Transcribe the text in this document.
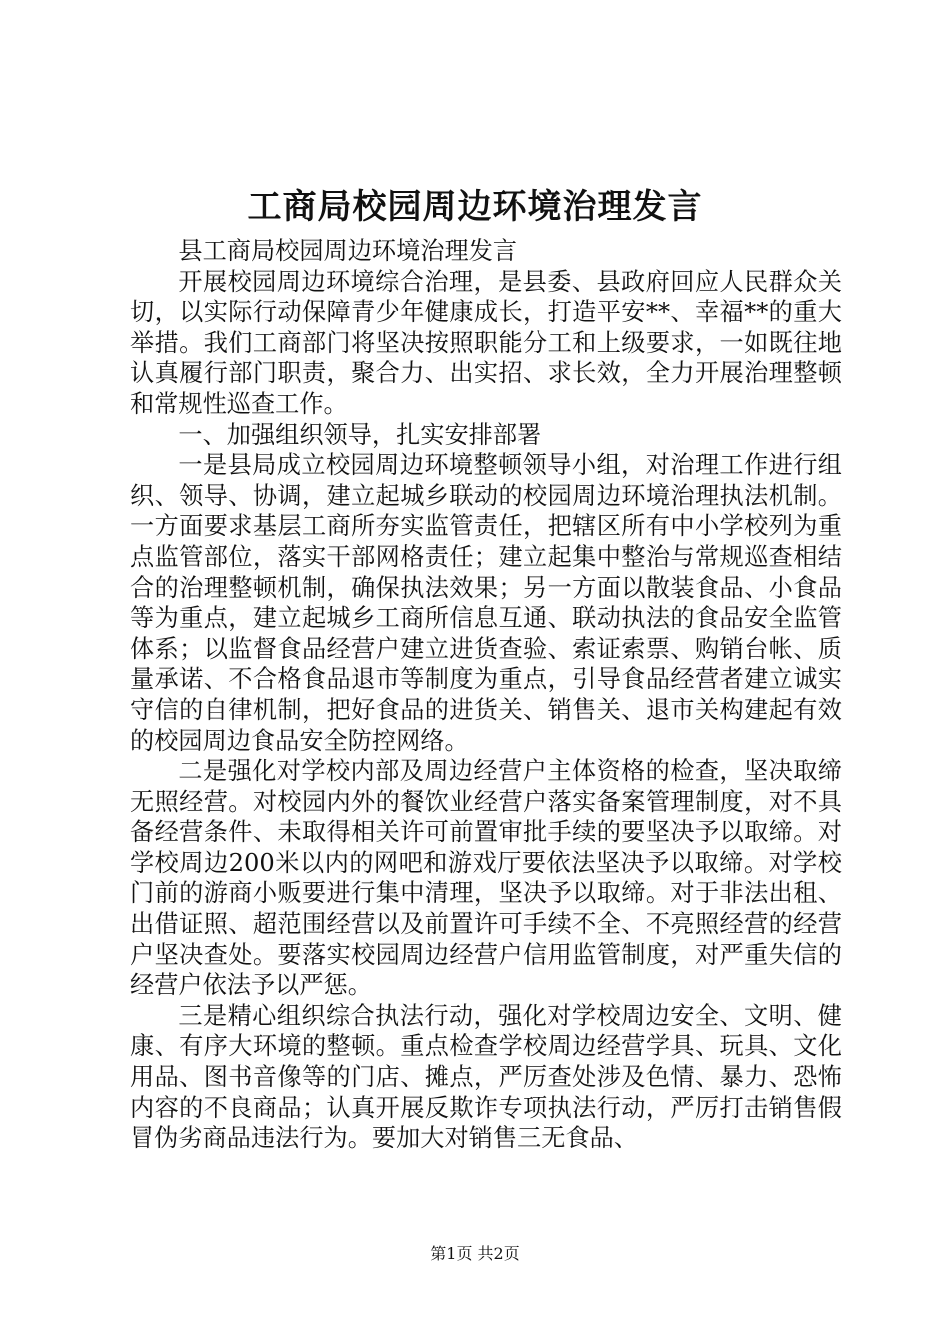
工商局校园周边环境治理发言

县工商局校园周边环境治理发言

开展校园周边环境综合治理，是县委、县政府回应人民群众关切，以实际行动保障青少年健康成长，打造平安**、幸福**的重大举措。我们工商部门将坚决按照职能分工和上级要求，一如既往地认真履行部门职责，聚合力、出实招、求长效，全力开展治理整顿和常规性巡查工作。

一、加强组织领导，扎实安排部署

一是县局成立校园周边环境整顿领导小组，对治理工作进行组织、领导、协调，建立起城乡联动的校园周边环境治理执法机制。一方面要求基层工商所夯实监管责任，把辖区所有中小学校列为重点监管部位，落实干部网格责任；建立起集中整治与常规巡查相结合的治理整顿机制，确保执法效果；另一方面以散装食品、小食品等为重点，建立起城乡工商所信息互通、联动执法的食品安全监管体系；以监督食品经营户建立进货查验、索证索票、购销台帐、质量承诺、不合格食品退市等制度为重点，引导食品经营者建立诚实守信的自律机制，把好食品的进货关、销售关、退市关构建起有效的校园周边食品安全防控网络。

二是强化对学校内部及周边经营户主体资格的检查，坚决取缔无照经营。对校园内外的餐饮业经营户落实备案管理制度，对不具备经营条件、未取得相关许可前置审批手续的要坚决予以取缔。对学校周边200米以内的网吧和游戏厅要依法坚决予以取缔。对学校门前的游商小贩要进行集中清理，坚决予以取缔。对于非法出租、出借证照、超范围经营以及前置许可手续不全、不亮照经营的经营户坚决查处。要落实校园周边经营户信用监管制度，对严重失信的经营户依法予以严惩。

三是精心组织综合执法行动，强化对学校周边安全、文明、健康、有序大环境的整顿。重点检查学校周边经营学具、玩具、文化用品、图书音像等的门店、摊点，严厉查处涉及色情、暴力、恐怖内容的不良商品；认真开展反欺诈专项执法行动，严厉打击销售假冒伪劣商品违法行为。要加大对销售三无食品、

第1页 共2页
